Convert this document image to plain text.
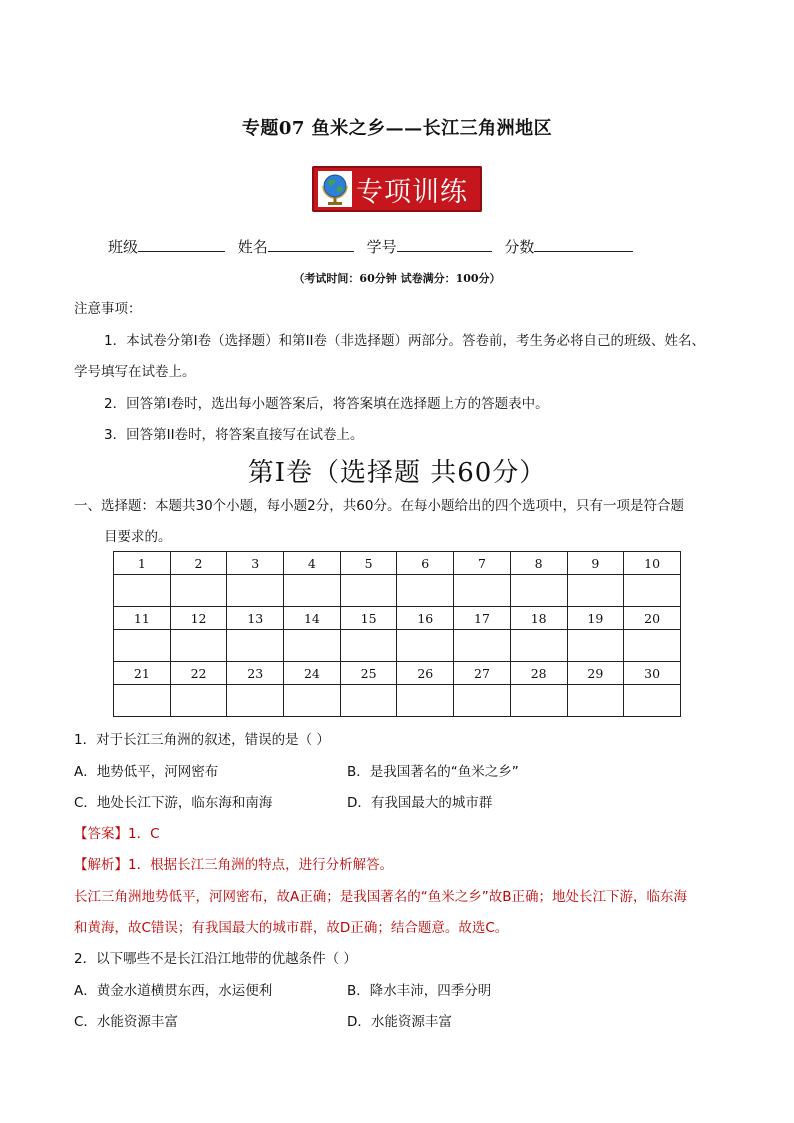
专题07 鱼米之乡——长江三角洲地区
专项训练
班级	姓名	学号	分数
（考试时间：60分钟 试卷满分：100分）
注意事项：
1．本试卷分第I卷（选择题）和第II卷（非选择题）两部分。答卷前，考生务必将自己的班级、姓名、
学号填写在试卷上。
2．回答第I卷时，选出每小题答案后，将答案填在选择题上方的答题表中。
3．回答第II卷时，将答案直接写在试卷上。
第I卷（选择题 共60分）
一、选择题：本题共30个小题，每小题2分，共60分。在每小题给出的四个选项中，只有一项是符合题
目要求的。
1	2	3	4	5	6	7	8	9	10

11	12	13	14	15	16	17	18	19	20

21	22	23	24	25	26	27	28	29	30

1．对于长江三角洲的叙述，错误的是（ ）
A．地势低平，河网密布	B．是我国著名的“鱼米之乡”
C．地处长江下游，临东海和南海	D．有我国最大的城市群
【答案】1．C
【解析】1．根据长江三角洲的特点，进行分析解答。
长江三角洲地势低平，河网密布，故A正确；是我国著名的“鱼米之乡”故B正确；地处长江下游，临东海
和黄海，故C错误；有我国最大的城市群，故D正确；结合题意。故选C。
2．以下哪些不是长江沿江地带的优越条件（ ）
A．黄金水道横贯东西，水运便利	B．降水丰沛，四季分明
C．水能资源丰富	D．水能资源丰富
